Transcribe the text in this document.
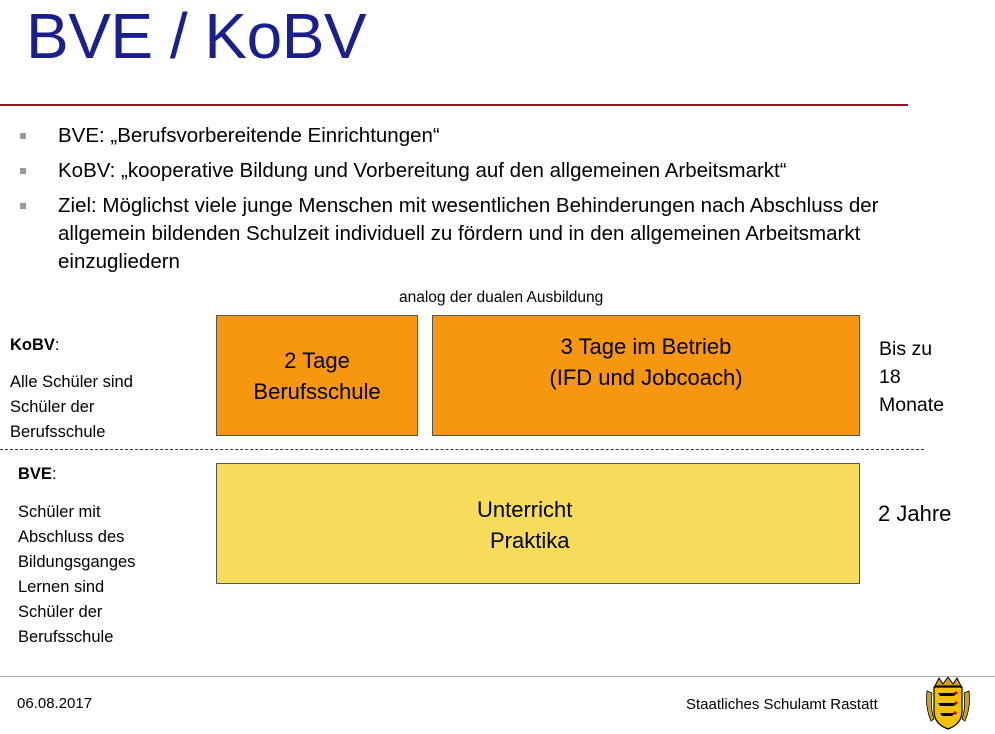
BVE / KoBV
BVE: „Berufsvorbereitende Einrichtungen“
KoBV: „kooperative Bildung und Vorbereitung auf den allgemeinen Arbeitsmarkt“
Ziel: Möglichst viele junge Menschen mit wesentlichen Behinderungen nach Abschluss der allgemein bildenden Schulzeit individuell zu fördern und in den allgemeinen Arbeitsmarkt einzugliedern
analog der dualen Ausbildung
KoBV:
Alle Schüler sind
Schüler der
Berufsschule
2 Tage
Berufsschule
3 Tage im Betrieb
(IFD und Jobcoach)
Bis zu
18
Monate
BVE:
Schüler mit
Abschluss des
Bildungsganges
Lernen sind
Schüler der
Berufsschule
Unterricht
Praktika
2 Jahre
06.08.2017	Staatliches Schulamt Rastatt
